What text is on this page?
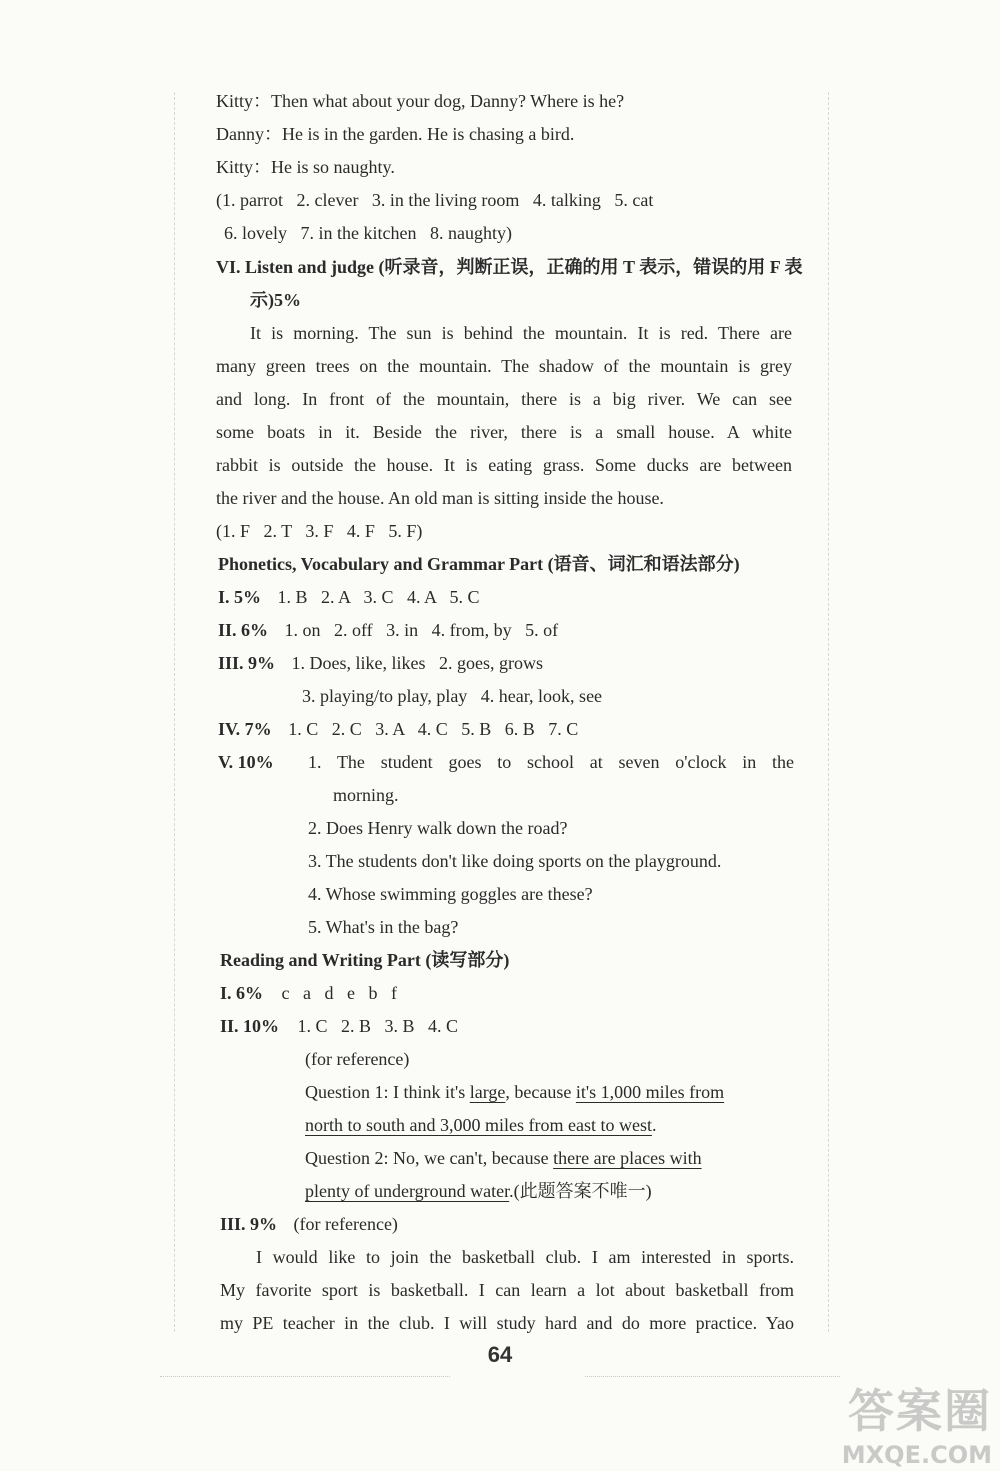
Kitty：Then what about your dog, Danny? Where is he?
Danny：He is in the garden. He is chasing a bird.
Kitty：He is so naughty.
(1. parrot   2. clever   3. in the living room   4. talking   5. cat
6. lovely   7. in the kitchen   8. naughty)
VI. Listen and judge (听录音，判断正误，正确的用 T 表示，错误的用 F 表
示)5%
It is morning. The sun is behind the mountain. It is red. There are
many green trees on the mountain. The shadow of the mountain is grey
and long. In front of the mountain, there is a big river. We can see
some boats in it. Beside the river, there is a small house. A white
rabbit is outside the house. It is eating grass. Some ducks are between
the river and the house. An old man is sitting inside the house.
(1. F   2. T   3. F   4. F   5. F)
Phonetics, Vocabulary and Grammar Part (语音、词汇和语法部分)
I. 5% 1. B   2. A   3. C   4. A   5. C
II. 6% 1. on   2. off   3. in   4. from, by   5. of
III. 9% 1. Does, like, likes   2. goes, grows
3. playing/to play, play   4. hear, look, see
IV. 7% 1. C   2. C   3. A   4. C   5. B   6. B   7. C
V. 10% 1. The student goes to school at seven o'clock in the
morning.
2. Does Henry walk down the road?
3. The students don't like doing sports on the playground.
4. Whose swimming goggles are these?
5. What's in the bag?
Reading and Writing Part (读写部分)
I. 6% c   a   d   e   b   f
II. 10% 1. C   2. B   3. B   4. C
(for reference)
Question 1: I think it's large, because it's 1,000 miles from
north to south and 3,000 miles from east to west.
Question 2: No, we can't, because there are places with
plenty of underground water.(此题答案不唯一)
III. 9% (for reference)
I would like to join the basketball club. I am interested in sports.
My favorite sport is basketball. I can learn a lot about basketball from
my PE teacher in the club. I will study hard and do more practice. Yao
64
答案圈
MXQE.COM
